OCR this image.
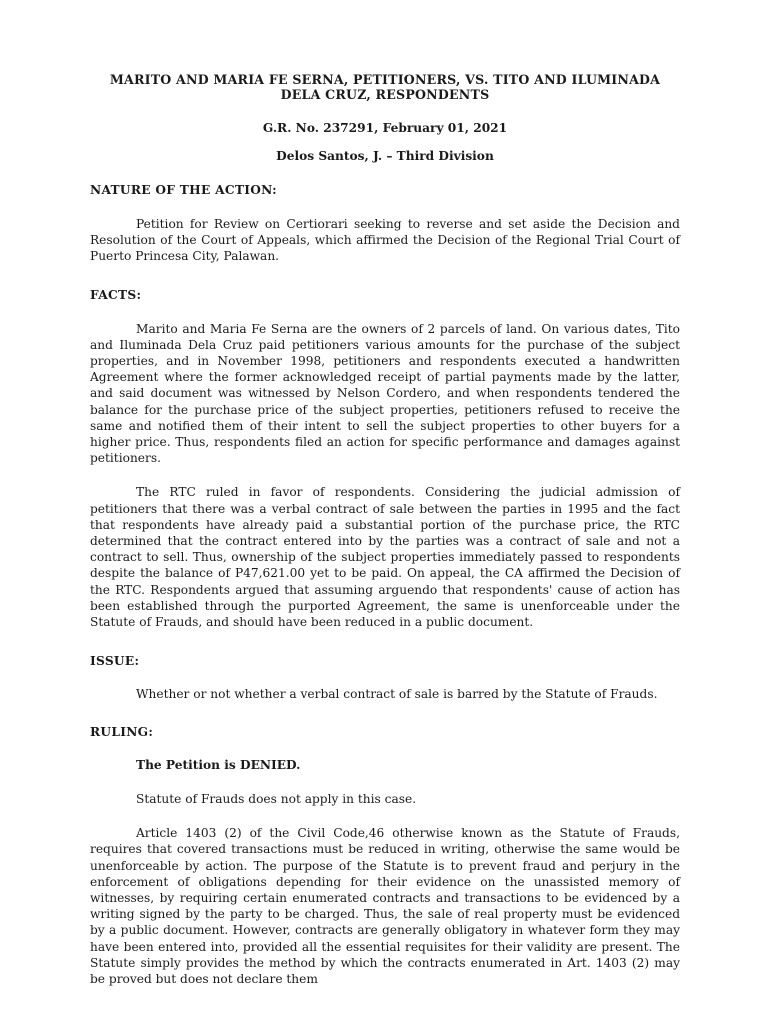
MARITO AND MARIA FE SERNA, PETITIONERS, VS. TITO AND ILUMINADA DELA CRUZ, RESPONDENTS

G.R. No. 237291, February 01, 2021

Delos Santos, J. – Third Division

NATURE OF THE ACTION:

Petition for Review on Certiorari seeking to reverse and set aside the Decision and Resolution of the Court of Appeals, which affirmed the Decision of the Regional Trial Court of Puerto Princesa City, Palawan.

FACTS:

Marito and Maria Fe Serna are the owners of 2 parcels of land. On various dates, Tito and Iluminada Dela Cruz paid petitioners various amounts for the purchase of the subject properties, and in November 1998, petitioners and respondents executed a handwritten Agreement where the former acknowledged receipt of partial payments made by the latter, and said document was witnessed by Nelson Cordero, and when respondents tendered the balance for the purchase price of the subject properties, petitioners refused to receive the same and notified them of their intent to sell the subject properties to other buyers for a higher price. Thus, respondents filed an action for specific performance and damages against petitioners.

The RTC ruled in favor of respondents. Considering the judicial admission of petitioners that there was a verbal contract of sale between the parties in 1995 and the fact that respondents have already paid a substantial portion of the purchase price, the RTC determined that the contract entered into by the parties was a contract of sale and not a contract to sell. Thus, ownership of the subject properties immediately passed to respondents despite the balance of P47,621.00 yet to be paid. On appeal, the CA affirmed the Decision of the RTC. Respondents argued that assuming arguendo that respondents' cause of action has been established through the purported Agreement, the same is unenforceable under the Statute of Frauds, and should have been reduced in a public document.

ISSUE:

Whether or not whether a verbal contract of sale is barred by the Statute of Frauds.

RULING:

The Petition is DENIED.

Statute of Frauds does not apply in this case.

Article 1403 (2) of the Civil Code,46 otherwise known as the Statute of Frauds, requires that covered transactions must be reduced in writing, otherwise the same would be unenforceable by action. The purpose of the Statute is to prevent fraud and perjury in the enforcement of obligations depending for their evidence on the unassisted memory of witnesses, by requiring certain enumerated contracts and transactions to be evidenced by a writing signed by the party to be charged. Thus, the sale of real property must be evidenced by a public document. However, contracts are generally obligatory in whatever form they may have been entered into, provided all the essential requisites for their validity are present. The Statute simply provides the method by which the contracts enumerated in Art. 1403 (2) may be proved but does not declare them
